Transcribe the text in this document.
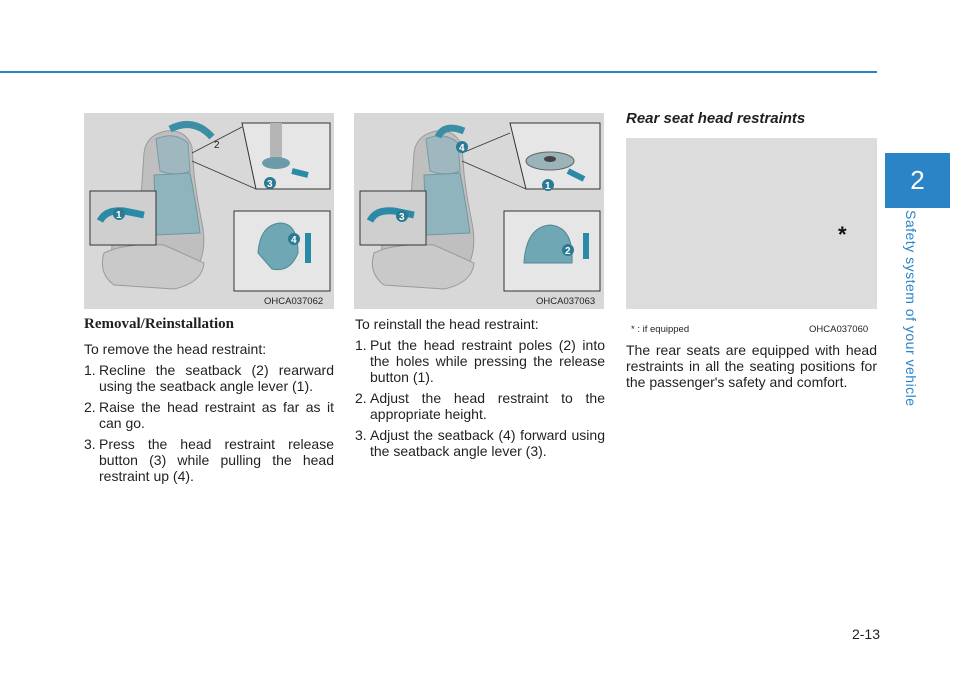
2
Safety system of your vehicle
1
2
3
4
OHCA037062
1
2
3
4
OHCA037063
*
* : if equipped	OHCA037060
Removal/Reinstallation

To remove the head restraint:

1. Recline the seatback (2) rearward using the seatback angle lever (1).
2. Raise the head restraint as far as it can go.
3. Press the head restraint release button (3) while pulling the head restraint up (4).

To reinstall the head restraint:

1. Put the head restraint poles (2) into the holes while pressing the release button (1).
2. Adjust the head restraint to the appropriate height.
3. Adjust the seatback (4) forward using the seatback angle lever (3).
Rear seat head restraints
The rear seats are equipped with head restraints in all the seating positions for the passenger's safety and comfort.
2-13
